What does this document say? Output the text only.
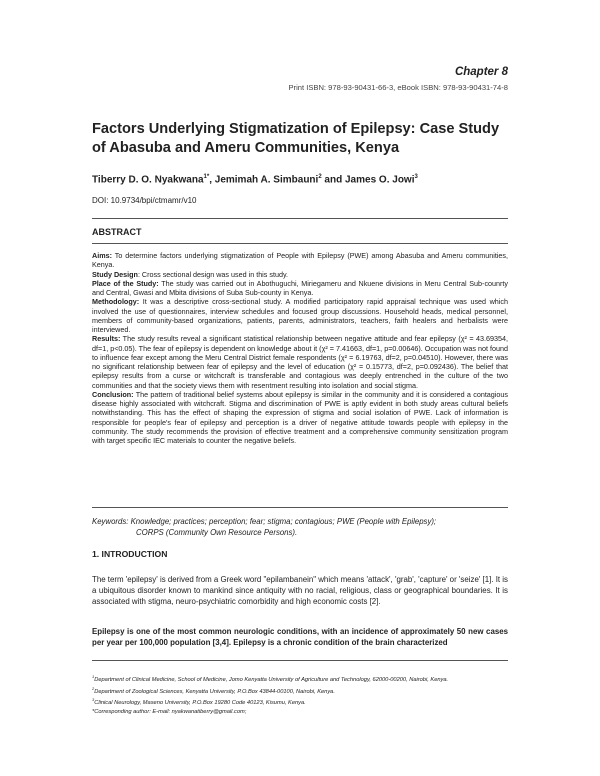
Chapter 8
Print ISBN: 978-93-90431-66-3, eBook ISBN: 978-93-90431-74-8
Factors Underlying Stigmatization of Epilepsy: Case Study of Abasuba and Ameru Communities, Kenya
Tiberry D. O. Nyakwana$^{1*}$, Jemimah A. Simbauni$^2$ and James O. Jowi$^3$
DOI: 10.9734/bpi/ctmamr/v10
ABSTRACT

Aims: To determine factors underlying stigmatization of People with Epilepsy (PWE) among Abasuba and Ameru communities, Kenya.

Study Design: Cross sectional design was used in this study.

Place of the Study: The study was carried out in Abothuguchi, Miriegameru and Nkuene divisions in Meru Central Sub-counrty and Central, Gwasi and Mbita divisions of Suba Sub-county in Kenya.

Methodology: It was a descriptive cross-sectional study. A modified participatory rapid appraisal technique was used which involved the use of questionnaires, interview schedules and focused group discussions. Household heads, medical personnel, members of community-based organizations, patients, parents, administrators, teachers, faith healers and herbalists were interviewed.

Results: The study results reveal a significant statistical relationship between negative attitude and fear epilepsy (χ² = 43.69354, df=1, p<0.05). The fear of epilepsy is dependent on knowledge about it (χ² = 7.41663, df=1, p=0.00646). Occupation was not found to influence fear except among the Meru Central District female respondents (χ² = 6.19763, df=2, p=0.04510). However, there was no significant relationship between fear of epilepsy and the level of education (χ² = 0.15773, df=2, p=0.092436). The belief that epilepsy results from a curse or witchcraft is transferable and contagious was deeply entrenched in the culture of the two communities and that the society views them with resentment resulting into isolation and social stigma.

Conclusion: The pattern of traditional belief systems about epilepsy is similar in the community and it is considered a contagious disease highly associated with witchcraft. Stigma and discrimination of PWE is aptly evident in both study areas cultural beliefs notwithstanding. This has the effect of shaping the expression of stigma and social isolation of PWE. Lack of information is responsible for people's fear of epilepsy and perception is a driver of negative attitude towards people with epilepsy in the community. The study recommends the provision of effective treatment and a comprehensive community sensitization program with target specific IEC materials to counter the negative beliefs.

Keywords: Knowledge; practices; perception; fear; stigma; contagious; PWE (People with Epilepsy);
CORPS (Community Own Resource Persons).
1. INTRODUCTION

The term 'epilepsy' is derived from a Greek word "epilambanein" which means 'attack', 'grab', 'capture' or 'seize' [1]. It is a ubiquitous disorder known to mankind since antiquity with no racial, religious, class or geographical boundaries. It is associated with stigma, neuro-psychiatric comorbidity and high economic costs [2].

Epilepsy is one of the most common neurologic conditions, with an incidence of approximately 50 new cases per year per 100,000 population [3,4]. Epilepsy is a chronic condition of the brain characterized

$^1$Department of Clinical Medicine, School of Medicine, Jomo Kenyatta University of Agriculture and Technology, 62000-00200, Nairobi, Kenya.

$^2$Department of Zoological Sciences, Kenyatta University, P.O.Box 43844-00100, Nairobi, Kenya.

$^3$Clinical Neurology, Maseno University, P.O.Box 19280 Code 40123, Kisumu, Kenya.

*Corresponding author: E-mail: nyakwanatiberry@gmail.com;
